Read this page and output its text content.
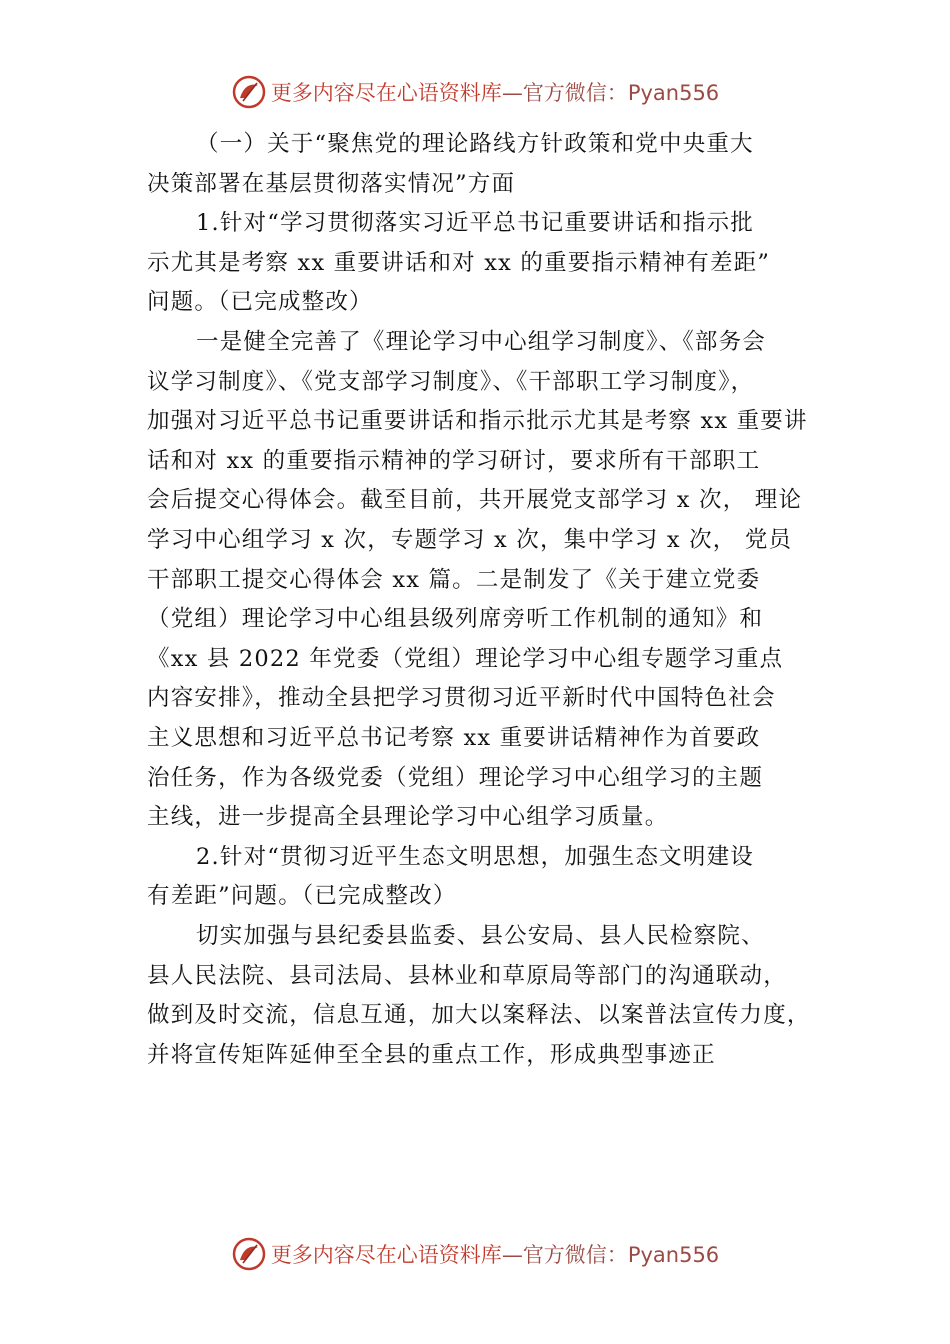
更多内容尽在心语资料库—官方微信：Pyan556
（一）关于“聚焦党的理论路线方针政策和党中央重大
决策部署在基层贯彻落实情况”方面
1.针对“学习贯彻落实习近平总书记重要讲话和指示批
示尤其是考察 xx 重要讲话和对 xx 的重要指示精神有差距”
问题。（已完成整改）
一是健全完善了《理论学习中心组学习制度》、《部务会
议学习制度》、《党支部学习制度》、《干部职工学习制度》，
加强对习近平总书记重要讲话和指示批示尤其是考察 xx 重要讲
话和对 xx 的重要指示精神的学习研讨，要求所有干部职工
会后提交心得体会。截至目前，共开展党支部学习 x 次， 理论
学习中心组学习 x 次，专题学习 x 次，集中学习 x 次， 党员
干部职工提交心得体会 xx 篇。二是制发了《关于建立党委
（党组）理论学习中心组县级列席旁听工作机制的通知》和
《xx 县 2022 年党委（党组）理论学习中心组专题学习重点
内容安排》，推动全县把学习贯彻习近平新时代中国特色社会
主义思想和习近平总书记考察 xx 重要讲话精神作为首要政
治任务，作为各级党委（党组）理论学习中心组学习的主题
主线，进一步提高全县理论学习中心组学习质量。
2.针对“贯彻习近平生态文明思想，加强生态文明建设
有差距”问题。（已完成整改）
切实加强与县纪委县监委、县公安局、县人民检察院、
县人民法院、县司法局、县林业和草原局等部门的沟通联动，
做到及时交流，信息互通，加大以案释法、以案普法宣传力度，
并将宣传矩阵延伸至全县的重点工作，形成典型事迹正
更多内容尽在心语资料库—官方微信：Pyan556
